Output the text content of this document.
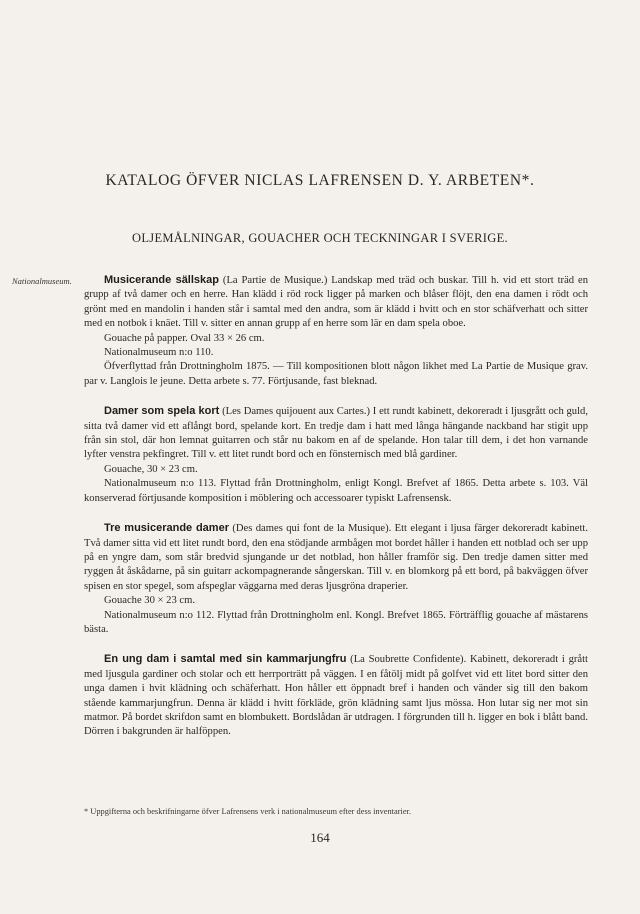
KATALOG ÖFVER NICLAS LAFRENSEN D. Y. ARBETEN*.
OLJEMÅLNINGAR, GOUACHER OCH TECKNINGAR I SVERIGE.
Nationalmuseum.	Musicerande sällskap (La Partie de Musique.) Landskap med träd och buskar. Till h. vid ett stort träd en grupp af två damer och en herre. Han klädd i röd rock ligger på marken och blåser flöjt, den ena damen i rödt och grönt med en mandolin i handen står i samtal med den andra, som är klädd i hvitt och en stor schäfverhatt och sitter med en notbok i knäet. Till v. sitter en annan grupp af en herre som lär en dam spela oboe.

Gouache på papper. Oval 33 × 26 cm.

Nationalmuseum n:o 110.

Öfverflyttad från Drottningholm 1875. — Till kompositionen blott någon likhet med La Partie de Musique grav. par v. Langlois le jeune. Detta arbete s. 77. Förtjusande, fast bleknad.

Damer som spela kort (Les Dames quijouent aux Cartes.) I ett rundt kabinett, dekoreradt i ljusgrått och guld, sitta två damer vid ett aflångt bord, spelande kort. En tredje dam i hatt med långa hängande nackband har stigit upp från sin stol, där hon lemnat guitarren och står nu bakom en af de spelande. Hon talar till dem, i det hon varnande lyfter venstra pekfingret. Till v. ett litet rundt bord och en fönsternisch med blå gardiner.

Gouache, 30 × 23 cm.

Nationalmuseum n:o 113. Flyttad från Drottningholm, enligt Kongl. Brefvet af 1865. Detta arbete s. 103. Väl konserverad förtjusande komposition i möblering och accessoarer typiskt Lafrensensk.

Tre musicerande damer (Des dames qui font de la Musique). Ett elegant i ljusa färger dekoreradt kabinett. Två damer sitta vid ett litet rundt bord, den ena stödjande armbågen mot bordet håller i handen ett notblad och ser upp på en yngre dam, som står bredvid sjungande ur det notblad, hon håller framför sig. Den tredje damen sitter med ryggen åt åskådarne, på sin guitarr ackompagnerande sångerskan. Till v. en blomkorg på ett bord, på bakväggen öfver spisen en stor spegel, som afspeglar väggarna med deras ljusgröna draperier.

Gouache 30 × 23 cm.

Nationalmuseum n:o 112. Flyttad från Drottningholm enl. Kongl. Brefvet 1865. Förträfflig gouache af mästarens bästa.

En ung dam i samtal med sin kammarjungfru (La Soubrette Confidente). Kabinett, dekoreradt i grått med ljusgula gardiner och stolar och ett herrporträtt på väggen. I en fåtölj midt på golfvet vid ett litet bord sitter den unga damen i hvit klädning och schäferhatt. Hon håller ett öppnadt bref i handen och vänder sig till den bakom stående kammarjungfrun. Denna är klädd i hvitt förkläde, grön klädning samt ljus mössa. Hon lutar sig ner mot sin matmor. På bordet skrifdon samt en blombukett. Bordslådan är utdragen. I förgrunden till h. ligger en bok i blått band. Dörren i bakgrunden är halföppen.

* Uppgifterna och beskrifningarne öfver Lafrensens verk i nationalmuseum efter dess inventarier.
164
